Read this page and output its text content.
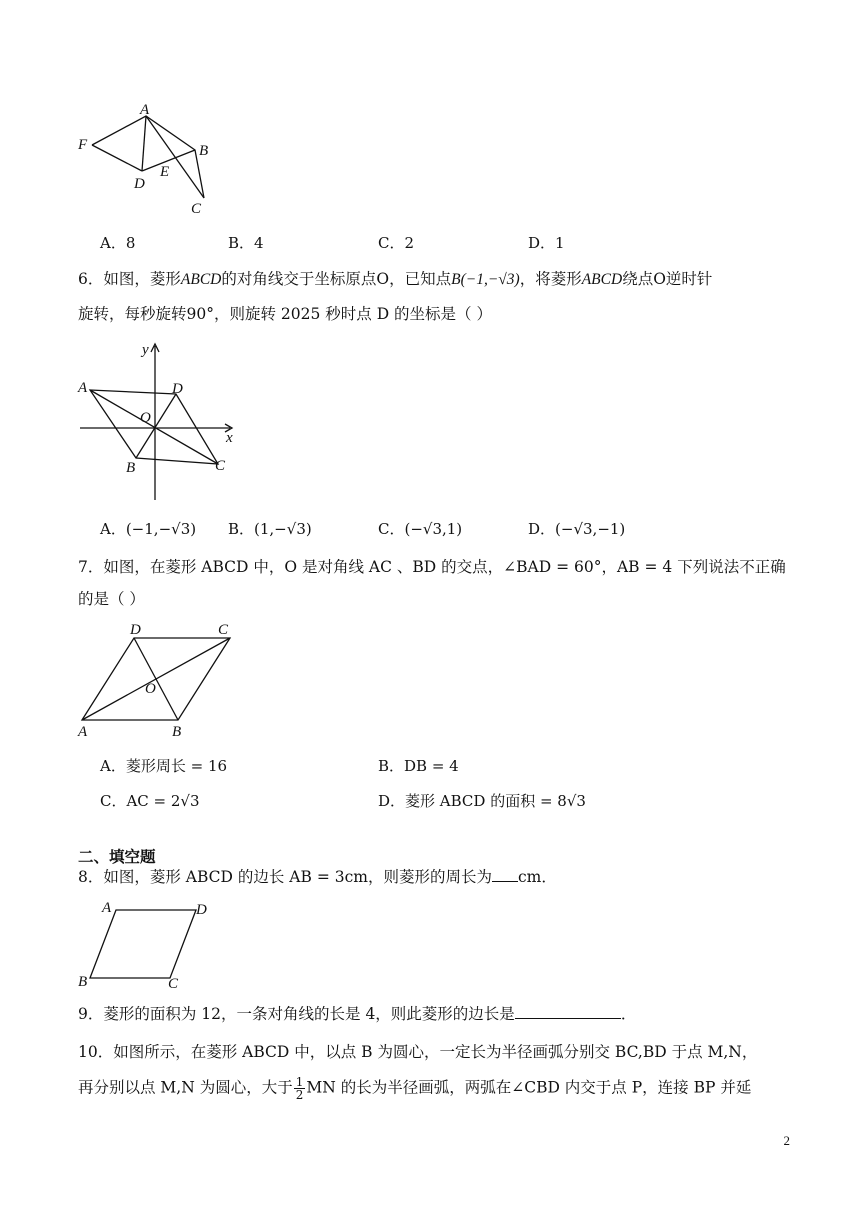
A
F	B
D
E
C
A．8	B．4	C．2	D．1
6．如图，菱形ABCD的对角线交于坐标原点O，已知点B(−1,−√3)，将菱形ABCD绕点O逆时针
旋转，每秒旋转90°，则旋转 2025 秒时点 D 的坐标是（ ）
x
y
A	D
O
B	C
A．(−1,−√3) B．(1,−√3)	C．(−√3,1)	D．(−√3,−1)
7．如图，在菱形 ABCD 中，O 是对角线 AC 、BD 的交点，∠BAD = 60°，AB = 4 下列说法不正确
的是（ ）
D	C
O
A	B
A．菱形周长 = 16	B．DB = 4
C．AC = 2√3	D．菱形 ABCD 的面积 = 8√3
二、填空题
8．如图，菱形 ABCD 的边长 AB = 3cm，则菱形的周长为 cm．
A	D
B	C
9．菱形的面积为 12，一条对角线的长是 4，则此菱形的边长是	．
10．如图所示，在菱形 ABCD 中，以点 B 为圆心，一定长为半径画弧分别交 BC,BD 于点 M,N，
再分别以点 M,N 为圆心，大于 $\frac{1}{2}$ MN 的长为半径画弧，两弧在∠CBD 内交于点 P，连接 BP 并延
2
